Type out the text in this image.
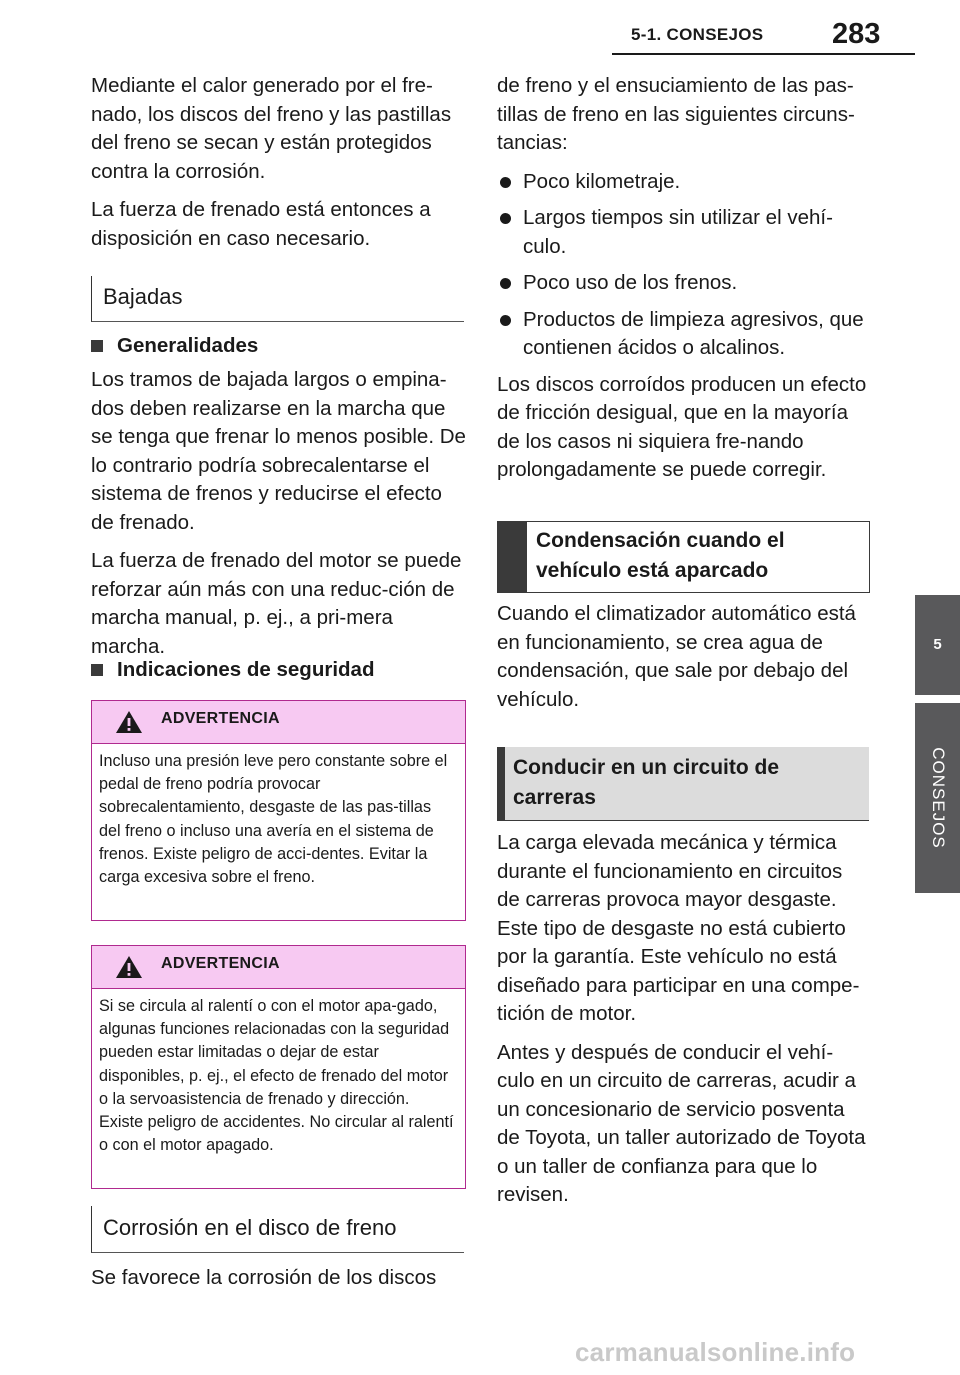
5-1. CONSEJOS 283
5
CONSEJOS

Mediante el calor generado por el fre-nado, los discos del freno y las pastillas del freno se secan y están protegidos contra la corrosión.

La fuerza de frenado está entonces a disposición en caso necesario.

Bajadas
Generalidades

Los tramos de bajada largos o empina-dos deben realizarse en la marcha que se tenga que frenar lo menos posible. De lo contrario podría sobrecalentarse el sistema de frenos y reducirse el efecto de frenado.

La fuerza de frenado del motor se puede reforzar aún más con una reduc-ción de marcha manual, p. ej., a pri-mera marcha.

Indicaciones de seguridad
ADVERTENCIA
Incluso una presión leve pero constante sobre el pedal de freno podría provocar sobrecalentamiento, desgaste de las pas-tillas del freno o incluso una avería en el sistema de frenos. Existe peligro de acci-dentes. Evitar la carga excesiva sobre el freno.
ADVERTENCIA
Si se circula al ralentí o con el motor apa-gado, algunas funciones relacionadas con la seguridad pueden estar limitadas o dejar de estar disponibles, p. ej., el efecto de frenado del motor o la servoasistencia de frenado y dirección. Existe peligro de accidentes. No circular al ralentí o con el motor apagado.
Corrosión en el disco de freno

Se favorece la corrosión de los discos

de freno y el ensuciamiento de las pas-tillas de freno en las siguientes circuns-tancias:

Poco kilometraje.
Largos tiempos sin utilizar el vehí-culo.
Poco uso de los frenos.
Productos de limpieza agresivos, que contienen ácidos o alcalinos.

Los discos corroídos producen un efecto de fricción desigual, que en la mayoría de los casos ni siquiera fre-nando prolongadamente se puede corregir.

Condensación cuando el vehículo está aparcado

Cuando el climatizador automático está en funcionamiento, se crea agua de condensación, que sale por debajo del vehículo.

Conducir en un circuito de carreras

La carga elevada mecánica y térmica durante el funcionamiento en circuitos de carreras provoca mayor desgaste. Este tipo de desgaste no está cubierto por la garantía. Este vehículo no está diseñado para participar en una compe-tición de motor.

Antes y después de conducir el vehí-culo en un circuito de carreras, acudir a un concesionario de servicio posventa de Toyota, un taller autorizado de Toyota o un taller de confianza para que lo revisen.

carmanualsonline.info
